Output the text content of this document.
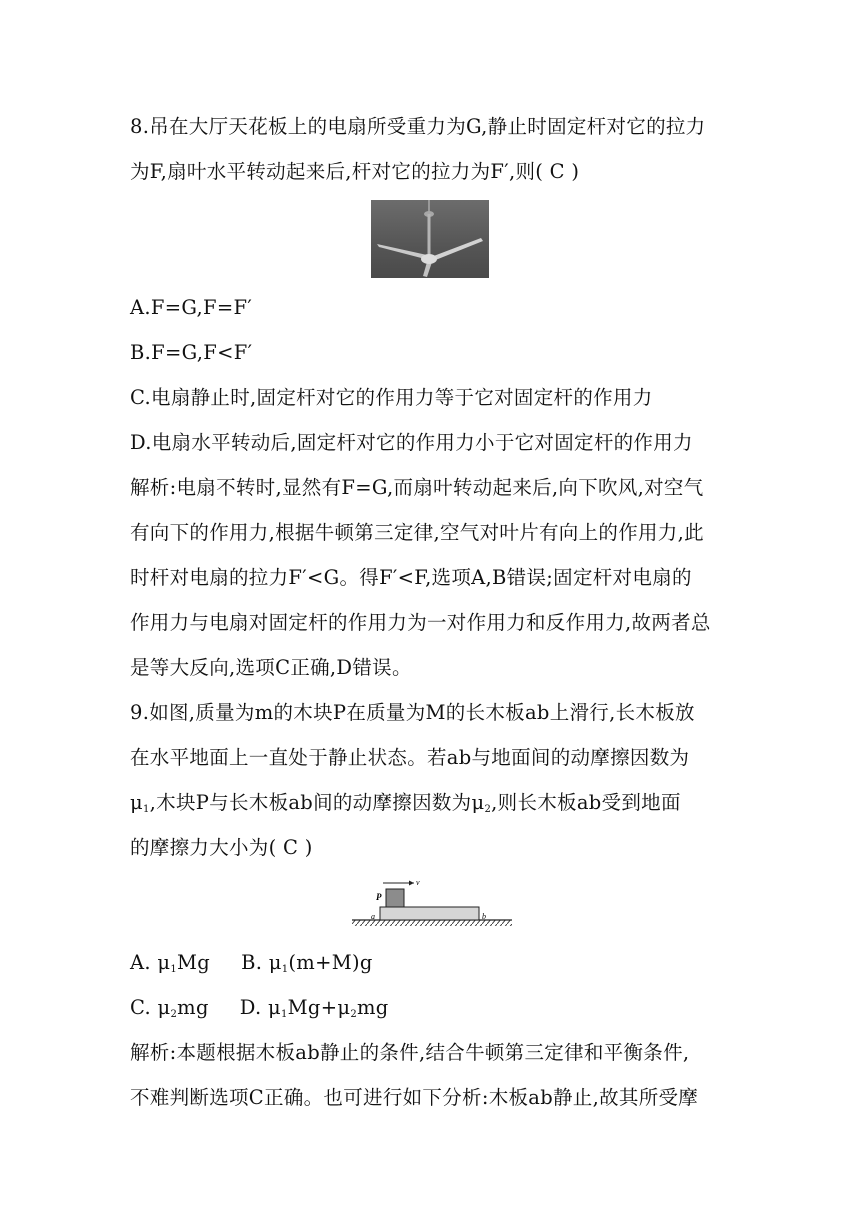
8.吊在大厅天花板上的电扇所受重力为G,静止时固定杆对它的拉力
为F,扇叶水平转动起来后,杆对它的拉力为F′,则( C )
A.F=G,F=F′
B.F=G,F<F′
C.电扇静止时,固定杆对它的作用力等于它对固定杆的作用力
D.电扇水平转动后,固定杆对它的作用力小于它对固定杆的作用力
解析:电扇不转时,显然有F=G,而扇叶转动起来后,向下吹风,对空气
有向下的作用力,根据牛顿第三定律,空气对叶片有向上的作用力,此
时杆对电扇的拉力F′<G。得F′<F,选项A,B错误;固定杆对电扇的
作用力与电扇对固定杆的作用力为一对作用力和反作用力,故两者总
是等大反向,选项C正确,D错误。
9.如图,质量为m的木块P在质量为M的长木板ab上滑行,长木板放
在水平地面上一直处于静止状态。若ab与地面间的动摩擦因数为
$\mu_1$,木块P与长木板ab间的动摩擦因数为$\mu_2$,则长木板ab受到地面
的摩擦力大小为( C )
P
v
a	b
A. $\mu_1Mg$ B. $\mu_1(m+M)g$
C. $\mu_2mg$ D. $\mu_1Mg+\mu_2mg$
解析:本题根据木板ab静止的条件,结合牛顿第三定律和平衡条件,
不难判断选项C正确。也可进行如下分析:木板ab静止,故其所受摩
